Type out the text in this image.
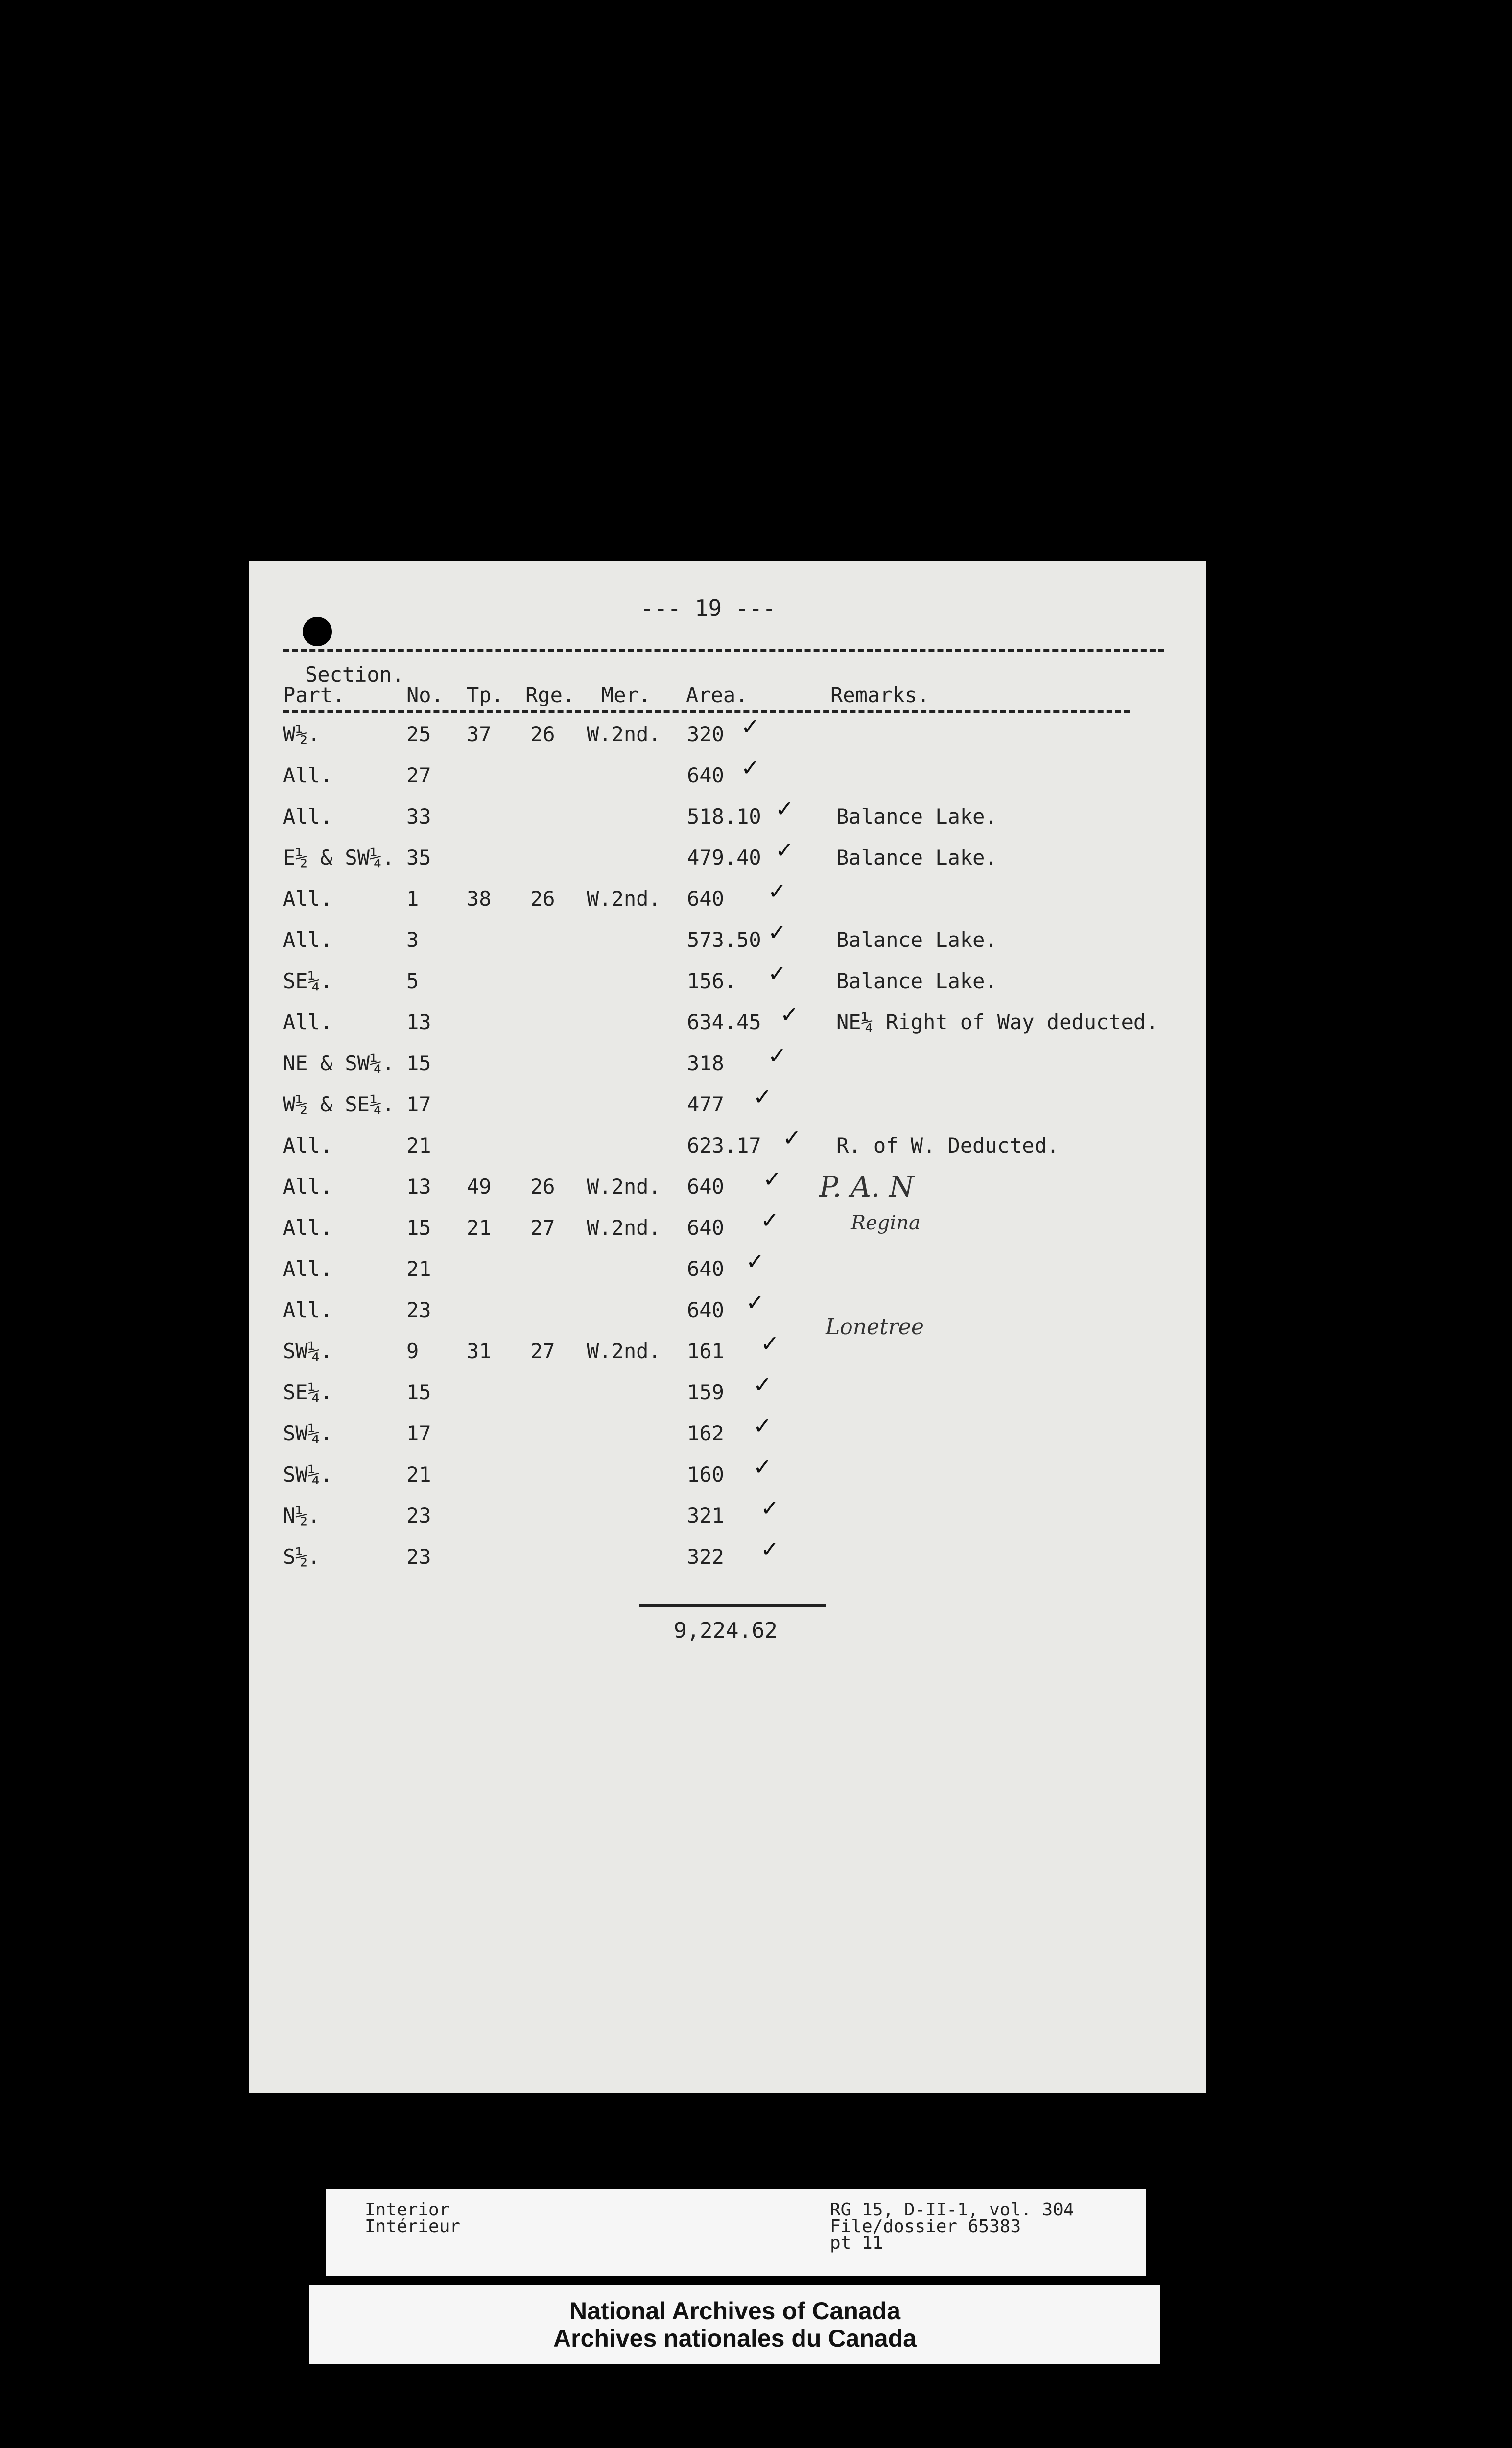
--- 19 ---
Section.
Part.	No. Tp. Rge. Mer. Area.	Remarks.
W½.	25 37 26 W.2nd. 320 ✓
All.	27	640 ✓
All.	33	518.10	Balance Lake.
✓
E½ & SW¼. 35	479.40	Balance Lake.
✓
All.	1 38 26 W.2nd. 640 ✓
All.	3	573.50	Balance Lake.
✓
SE¼.	5	156.	Balance Lake.
✓
All.	13	634.45	NE¼ Right of Way deducted.
✓
NE & SW¼. 15	318 ✓
W½ & SE¼. 17	477 ✓
All.	21	623.17	R. of W. Deducted.
✓
All.	13 49 26 W.2nd. 640 ✓
All.	15 21 27 W.2nd. 640 ✓
All.	21	640 ✓
All.	23	640 ✓
SW¼.	9 31 27 W.2nd. 161 ✓
SE¼.	15	159 ✓
SW¼.	17	162 ✓
SW¼.	21	160 ✓
N½.	23	321 ✓
S½.	23	322 ✓
P. A. N
Regina
Lonetree
9,224.62
Interior
Intérieur
RG 15, D-II-1, vol. 304
File/dossier 65383
pt 11
National Archives of Canada
Archives nationales du Canada
